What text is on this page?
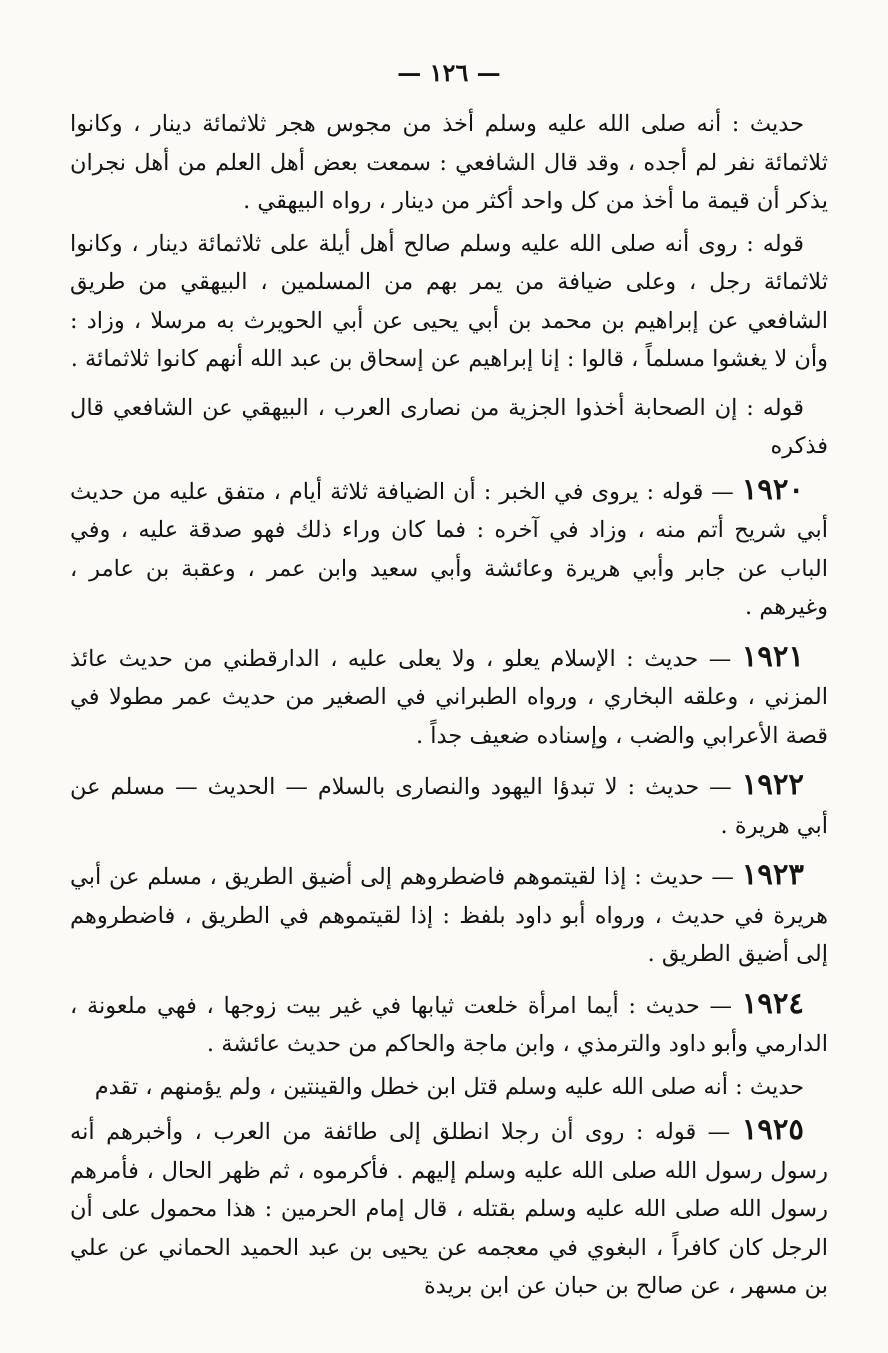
— ١٢٦ —

حديث : أنه صلى الله عليه وسلم أخذ من مجوس هجر ثلاثمائة دينار ، وكانوا ثلاثمائة نفر لم أجده ، وقد قال الشافعي : سمعت بعض أهل العلم من أهل نجران يذكر أن قيمة ما أخذ من كل واحد أكثر من دينار ، رواه البيهقي .

قوله : روى أنه صلى الله عليه وسلم صالح أهل أيلة على ثلاثمائة دينار ، وكانوا ثلاثمائة رجل ، وعلى ضيافة من يمر بهم من المسلمين ، البيهقي من طريق الشافعي عن إبراهيم بن محمد بن أبي يحيى عن أبي الحويرث به مرسلا ، وزاد : وأن لا يغشوا مسلماً ، قالوا : إنا إبراهيم عن إسحاق بن عبد الله أنهم كانوا ثلاثمائة .

قوله : إن الصحابة أخذوا الجزية من نصارى العرب ، البيهقي عن الشافعي قال فذكره

١٩٢٠ — قوله : يروى في الخبر : أن الضيافة ثلاثة أيام ، متفق عليه من حديث أبي شريح أتم منه ، وزاد في آخره : فما كان وراء ذلك فهو صدقة عليه ، وفي الباب عن جابر وأبي هريرة وعائشة وأبي سعيد وابن عمر ، وعقبة بن عامر ، وغيرهم .

١٩٢١ — حديث : الإسلام يعلو ، ولا يعلى عليه ، الدارقطني من حديث عائذ المزني ، وعلقه البخاري ، ورواه الطبراني في الصغير من حديث عمر مطولا في قصة الأعرابي والضب ، وإسناده ضعيف جداً .

١٩٢٢ — حديث : لا تبدؤا اليهود والنصارى بالسلام — الحديث — مسلم عن أبي هريرة .

١٩٢٣ — حديث : إذا لقيتموهم فاضطروهم إلى أضيق الطريق ، مسلم عن أبي هريرة في حديث ، ورواه أبو داود بلفظ : إذا لقيتموهم في الطريق ، فاضطروهم إلى أضيق الطريق .

١٩٢٤ — حديث : أيما امرأة خلعت ثيابها في غير بيت زوجها ، فهي ملعونة ، الدارمي وأبو داود والترمذي ، وابن ماجة والحاكم من حديث عائشة .

حديث : أنه صلى الله عليه وسلم قتل ابن خطل والقينتين ، ولم يؤمنهم ، تقدم

١٩٢٥ — قوله : روى أن رجلا انطلق إلى طائفة من العرب ، وأخبرهم أنه رسول رسول الله صلى الله عليه وسلم إليهم . فأكرموه ، ثم ظهر الحال ، فأمرهم رسول الله صلى الله عليه وسلم بقتله ، قال إمام الحرمين : هذا محمول على أن الرجل كان كافراً ، البغوي في معجمه عن يحيى بن عبد الحميد الحماني عن علي بن مسهر ، عن صالح بن حبان عن ابن بريدة
